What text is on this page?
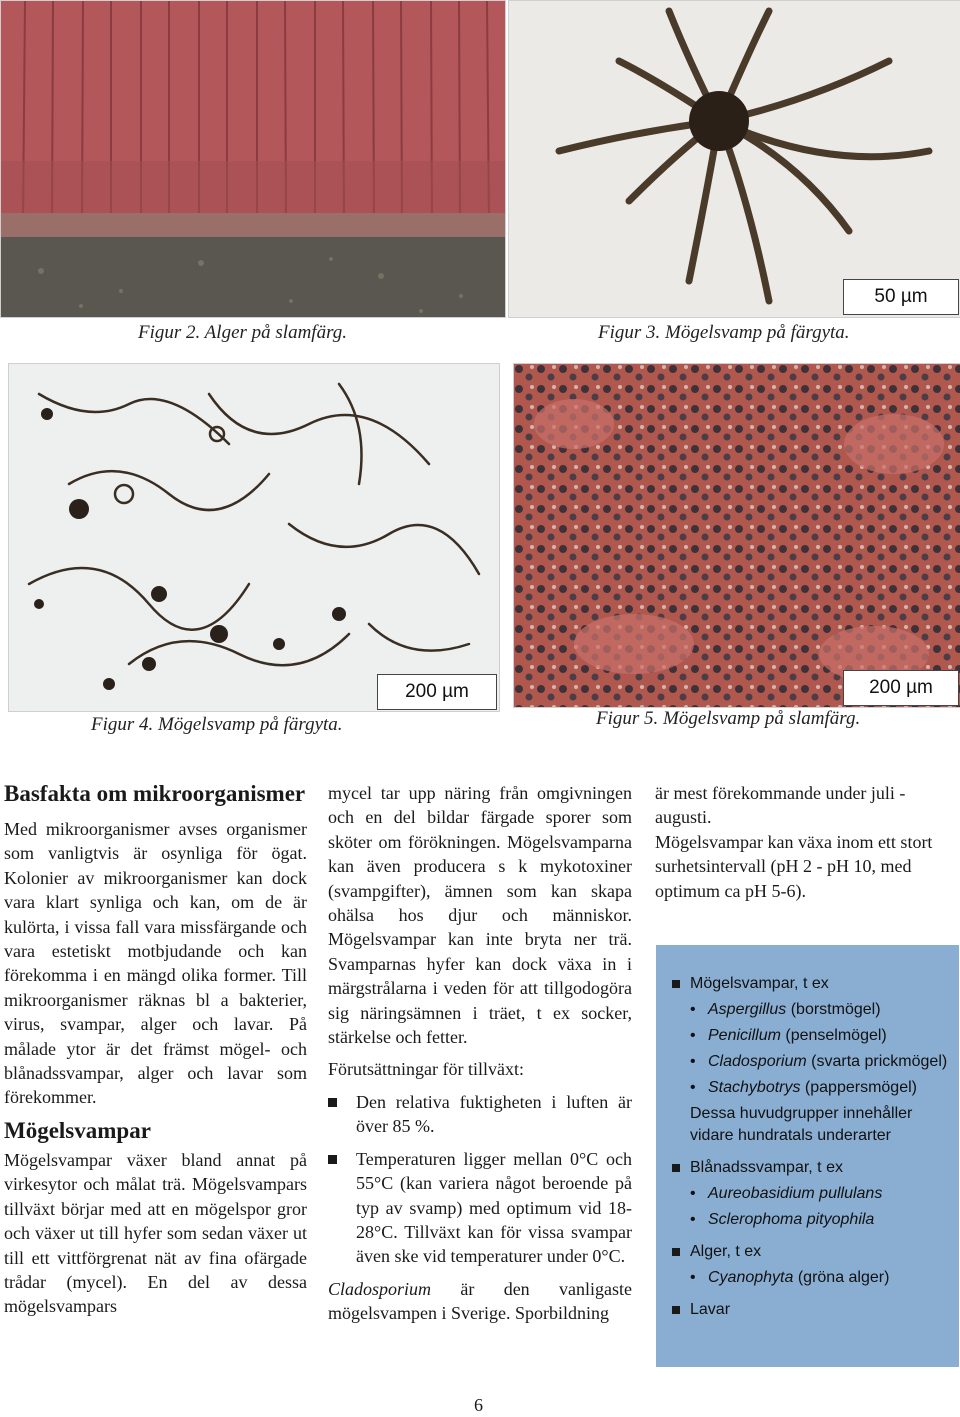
50 µm
Figur 2. Alger på slamfärg.	Figur 3. Mögelsvamp på färgyta.
200 µm	200 µm
Figur 4. Mögelsvamp på färgyta.	Figur 5. Mögelsvamp på slamfärg.
Basfakta om mikroorganismer

Med mikroorganismer avses organismer som vanligtvis är osynliga för ögat. Kolonier av mikroorganismer kan dock vara klart synliga och kan, om de är kulörta, i vissa fall vara missfärgande och vara estetiskt motbjudande och kan förekomma i en mängd olika former. Till mikroorganismer räknas bl a bakterier, virus, svampar, alger och lavar. På målade ytor är det främst mögel- och blånadssvampar, alger och lavar som förekommer.

Mögelsvampar

Mögelsvampar växer bland annat på virkesytor och målat trä. Mögelsvampars tillväxt börjar med att en mögelspor gror och växer ut till hyfer som sedan växer ut till ett vittförgrenat nät av fina ofärgade trådar (mycel). En del av dessa mögelsvampars

mycel tar upp näring från omgivningen och en del bildar färgade sporer som sköter om förökningen. Mögelsvamparna kan även producera s k mykotoxiner (svampgifter), ämnen som kan skapa ohälsa hos djur och människor. Mögelsvampar kan inte bryta ner trä. Svamparnas hyfer kan dock växa in i märgstrålarna i veden för att tillgodogöra sig näringsämnen i träet, t ex socker, stärkelse och fetter.

Förutsättningar för tillväxt:

Den relativa fuktigheten i luften är över 85 %.
Temperaturen ligger mellan 0°C och 55°C (kan variera något beroende på typ av svamp) med optimum vid 18-28°C. Tillväxt kan för vissa svampar även ske vid temperaturer under 0°C.

Cladosporium är den vanligaste mögelsvampen i Sverige. Sporbildning

är mest förekommande under juli - augusti.

Mögelsvampar kan växa inom ett stort surhetsintervall (pH 2 - pH 10, med optimum ca pH 5-6).

Mögelsvampar, t ex
• Aspergillus (borstmögel)
• Penicillum (penselmögel)
• Cladosporium (svarta prickmögel)
• Stachybotrys (pappersmögel)
Dessa huvudgrupper innehåller vidare hundratals underarter
Blånadssvampar, t ex
• Aureobasidium pullulans
• Sclerophoma pityophila
Alger, t ex
• Cyanophyta (gröna alger)
Lavar
6
